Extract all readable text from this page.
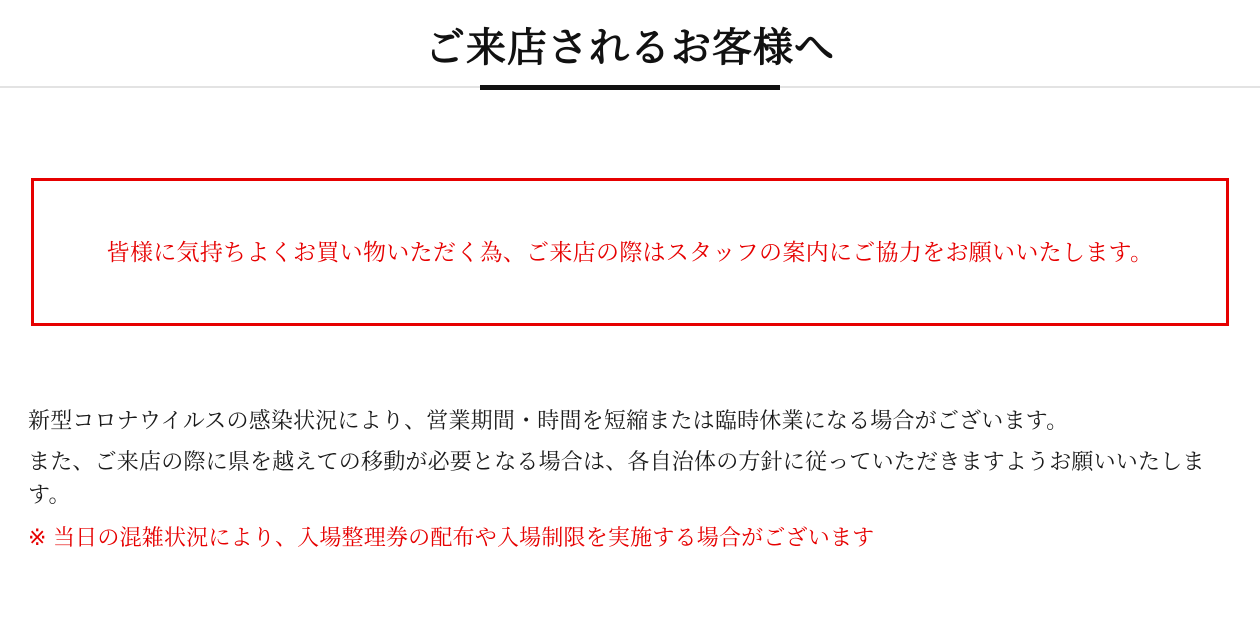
ご来店されるお客様へ
皆様に気持ちよくお買い物いただく為、ご来店の際はスタッフの案内にご協力をお願いいたします。

新型コロナウイルスの感染状況により、営業期間・時間を短縮または臨時休業になる場合がございます。

また、ご来店の際に県を越えての移動が必要となる場合は、各自治体の方針に従っていただきますようお願いいたします。

※ 当日の混雑状況により、入場整理券の配布や入場制限を実施する場合がございます
